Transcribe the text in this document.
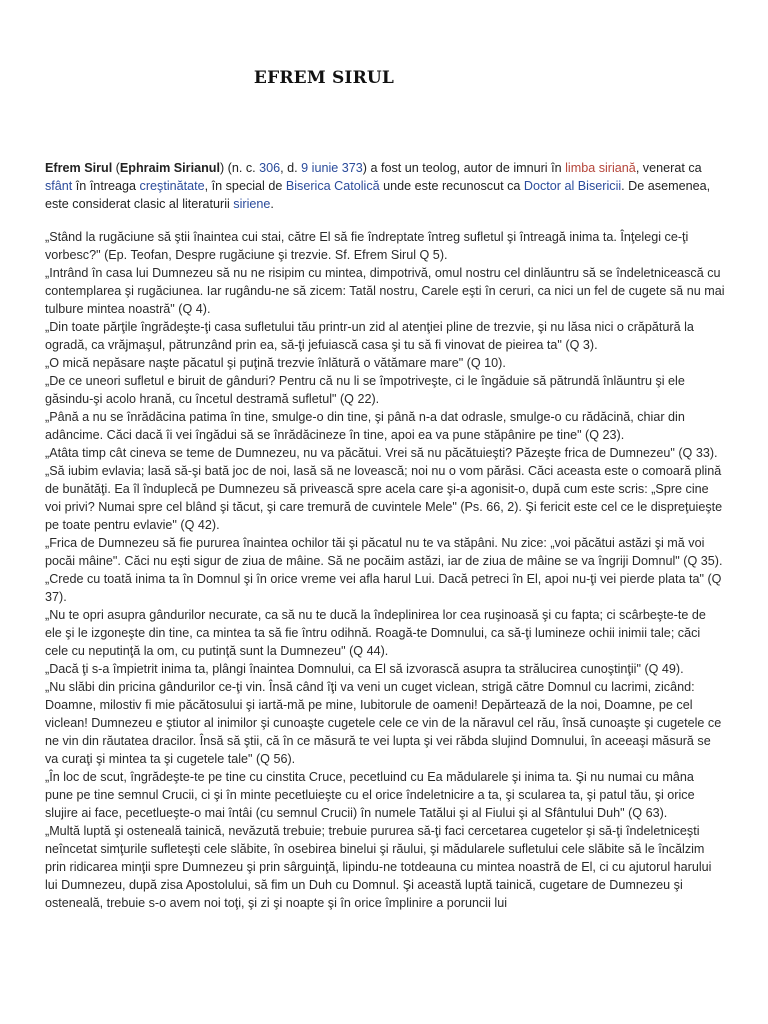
EFREM SIRUL
Efrem Sirul (Ephraim Sirianul) (n. c. 306, d. 9 iunie 373) a fost un teolog, autor de imnuri în limba siriană, venerat ca sfânt în întreaga creştinătate, în special de Biserica Catolică unde este recunoscut ca Doctor al Bisericii. De asemenea, este considerat clasic al literaturii siriene.

„Stând la rugăciune să ştii înaintea cui stai, către El să fie îndreptate întreg sufletul şi întreagă inima ta. Înţelegi ce-ţi vorbesc?" (Ep. Teofan, Despre rugăciune şi trezvie. Sf. Efrem Sirul Q 5).

„Intrând în casa lui Dumnezeu să nu ne risipim cu mintea, dimpotrivă, omul nostru cel dinlăuntru să se îndeletnicească cu contemplarea şi rugăciunea. Iar rugându-ne să zicem: Tatăl nostru, Carele eşti în ceruri, ca nici un fel de cugete să nu mai tulbure mintea noastră" (Q 4).

„Din toate părţile îngrădeşte-ţi casa sufletului tău printr-un zid al atenţiei pline de trezvie, şi nu lăsa nici o crăpătură la ogradă, ca vrăjmaşul, pătrunzând prin ea, să-ţi jefuiască casa şi tu să fi vinovat de pieirea ta" (Q 3).

„O mică nepăsare naşte păcatul şi puţină trezvie înlătură o vătămare mare" (Q 10).

„De ce uneori sufletul e biruit de gânduri? Pentru că nu li se împotriveşte, ci le îngăduie să pătrundă înlăuntru şi ele găsindu-şi acolo hrană, cu încetul destramă sufletul" (Q 22).

„Până a nu se înrădăcina patima în tine, smulge-o din tine, şi până n-a dat odrasle, smulge-o cu rădăcină, chiar din adâncime. Căci dacă îi vei îngădui să se înrădăcineze în tine, apoi ea va pune stăpânire pe tine" (Q 23).

„Atâta timp cât cineva se teme de Dumnezeu, nu va păcătui. Vrei să nu păcătuieşti? Păzeşte frica de Dumnezeu" (Q 33).

„Să iubim evlavia; lasă să-şi bată joc de noi, lasă să ne lovească; noi nu o vom părăsi. Căci aceasta este o comoară plină de bunătăţi. Ea îl înduplecă pe Dumnezeu să privească spre acela care şi-a agonisit-o, după cum este scris: „Spre cine voi privi? Numai spre cel blând şi tăcut, şi care tremură de cuvintele Mele" (Ps. 66, 2). Şi fericit este cel ce le dispreţuieşte pe toate pentru evlavie" (Q 42).

„Frica de Dumnezeu să fie pururea înaintea ochilor tăi şi păcatul nu te va stăpâni. Nu zice: „voi păcătui astăzi şi mă voi pocăi mâine". Căci nu eşti sigur de ziua de mâine. Să ne pocăim astăzi, iar de ziua de mâine se va îngriji Domnul" (Q 35).

„Crede cu toată inima ta în Domnul şi în orice vreme vei afla harul Lui. Dacă petreci în El, apoi nu-ţi vei pierde plata ta" (Q 37).

„Nu te opri asupra gândurilor necurate, ca să nu te ducă la îndeplinirea lor cea ruşinoasă şi cu fapta; ci scârbeşte-te de ele şi le izgoneşte din tine, ca mintea ta să fie întru odihnă. Roagă-te Domnului, ca să-ţi lumineze ochii inimii tale; căci cele cu neputinţă la om, cu putinţă sunt la Dumnezeu" (Q 44).

„Dacă ţi s-a împietrit inima ta, plângi înaintea Domnului, ca El să izvorască asupra ta strălucirea cunoştinţii" (Q 49).

„Nu slăbi din pricina gândurilor ce-ţi vin. Însă când îţi va veni un cuget viclean, strigă către Domnul cu lacrimi, zicând: Doamne, milostiv fi mie păcătosului şi iartă-mă pe mine, Iubitorule de oameni! Depărtează de la noi, Doamne, pe cel viclean! Dumnezeu e ştiutor al inimilor şi cunoaşte cugetele cele ce vin de la năravul cel rău, însă cunoaşte şi cugetele ce ne vin din răutatea dracilor. Însă să ştii, că în ce măsură te vei lupta şi vei răbda slujind Domnului, în aceeaşi măsură se va curaţi şi mintea ta şi cugetele tale" (Q 56).

„În loc de scut, îngrădeşte-te pe tine cu cinstita Cruce, pecetluind cu Ea mădularele şi inima ta. Şi nu numai cu mâna pune pe tine semnul Crucii, ci şi în minte pecetluieşte cu el orice îndeletnicire a ta, şi scularea ta, şi patul tău, şi orice slujire ai face, pecetlueşte-o mai întâi (cu semnul Crucii) în numele Tatălui şi al Fiului şi al Sfântului Duh" (Q 63).

„Multă luptă şi osteneală tainică, nevăzută trebuie; trebuie pururea să-ţi faci cercetarea cugetelor şi să-ţi îndeletniceşti neîncetat simţurile sufleteşti cele slăbite, în osebirea binelui şi răului, şi mădularele sufletului cele slăbite să le încălzim prin ridicarea minţii spre Dumnezeu şi prin sârguinţă, lipindu-ne totdeauna cu mintea noastră de El, ci cu ajutorul harului lui Dumnezeu, după zisa Apostolului, să fim un Duh cu Domnul. Şi această luptă tainică, cugetare de Dumnezeu şi osteneală, trebuie s-o avem noi toţi, şi zi şi noapte şi în orice împlinire a poruncii lui
